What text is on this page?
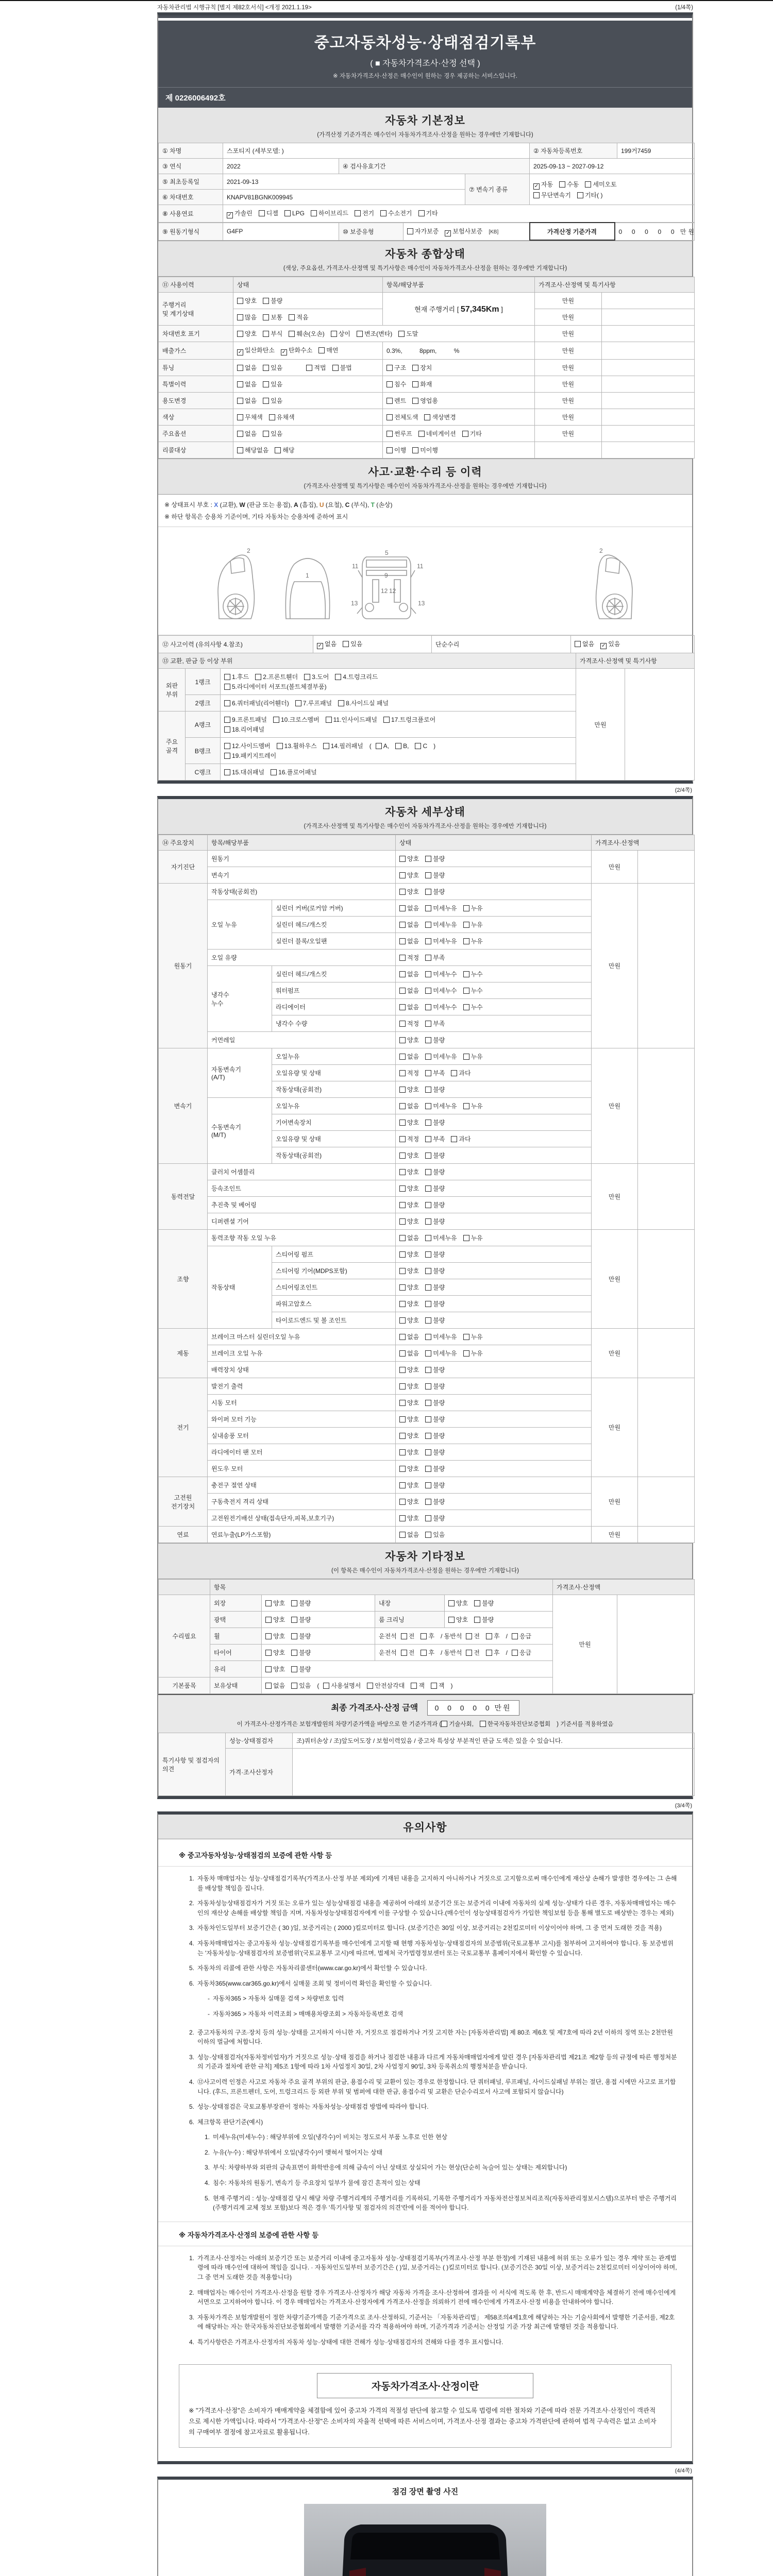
자동차관리법 시행규칙 [별지 제82호서식] <개정 2021.1.19>	(1/4쪽)
중고자동차성능·상태점검기록부
( ■ 자동차가격조사·산정 선택 )
※ 자동차가격조사·산정은 매수인이 원하는 경우 제공하는 서비스입니다.
제 0226006492호
자동차 기본정보
(가격산정 기준가격은 매수인이 자동차가격조사·산정을 원하는 경우에만 기재합니다)
① 차명	스포티지 (세부모델: )	② 자동차등록번호	199거7459
③ 연식	2022	④ 검사유효기간	2025-09-13 ~ 2027-09-12
⑤ 최초등록일	2021-09-13	⑦ 변속기 종류	✓ 자동 수동 세미오토
무단변속기 기타( )
⑥ 차대번호	KNAPV81BGNK009945		
⑧ 사용연료	✓ 가솔린 디젤 LPG 하이브리드 전기 수소전기 기타
⑨ 원동기형식	G4FP	⑩ 보증유형	자가보증 ✓ 보험사보증 [KB]	가격산정 기준가격	0  0  0  0  0 만원
자동차 종합상태
(색상, 주요옵션, 가격조사·산정액 및 특기사항은 매수인이 자동차가격조사·산정을 원하는 경우에만 기재합니다)
⑪ 사용이력	상태	항목/해당부품	가격조사·산정액 및 특기사항	
주행거리
및 계기상태	양호 불량	현재 주행거리 [ 57,345Km ]	만원	
	많음 보통 적음		만원	
차대번호 표기	양호 부식 훼손(오손) 상이 변조(변타) 도말		만원	
배출가스	✓ 일산화탄소 ✓ 탄화수소 매연	0.3%,          8ppm,          %	만원	
튜닝	없음 있음 적법 불법	구조 장치	만원	
특별이력	없음 있음	침수 화재	만원	
용도변경	없음 있음	렌트 영업용	만원	
색상	무채색 유채색	전체도색 색상변경	만원	
주요옵션	없음 있음	썬루프 네비게이션 기타	만원	
리콜대상	해당없음 해당	이행 미이행		
사고·교환·수리 등 이력
(가격조사·산정액 및 특기사항은 매수인이 자동차가격조사·산정을 원하는 경우에만 기재합니다)
※ 상태표시 부호 : X (교환), W (판금 또는 용접), A (흠집), U (요철), C (부식), T (손상)
※ 하단 항목은 승용차 기준이며, 기타 자동차는 승용차에 준하여 표시
2
1
5
9
11	11
12 12
13	13
2
⑫ 사고이력 (유의사항 4.참조)	✓ 없음 있음	단순수리	없음 ✓ 있음
⑬ 교환, 판금 등 이상 부위	가격조사·산정액 및 특기사항
외판
부위	1랭크	1.후드 2.프론트휀더 3.도어 4.트렁크리드
5.라디에이터 서포트(볼트체결부품)	만원	
	2랭크	6.쿼터패널(리어휀더) 7.루프패널 8.사이드실 패널		
주요
골격	A랭크	9.프론트패널 10.크로스멤버 11.인사이드패널 17.트렁크플로어
18.리어패널		
	B랭크	12.사이드멤버 13.휠하우스 14.필러패널 ( A, B, C )
19.패키지트레이		
	C랭크	15.대쉬패널 16.플로어패널		
(2/4쪽)
자동차 세부상태
(가격조사·산정액 및 특기사항은 매수인이 자동차가격조사·산정을 원하는 경우에만 기재합니다)
⑭ 주요장치	항목/해당부품		상태	가격조사·산정액	
자기진단	원동기		양호 불량	만원	
	변속기		양호 불량		
원동기	작동상태(공회전)		양호 불량	만원	
	오일 누유	실린더 커버(로커암 커버)	없음 미세누유 누유		
		실린더 헤드/개스킷	없음 미세누유 누유		
		실린더 블록/오일팬	없음 미세누유 누유		
	오일 유량		적정 부족		
	냉각수
누수	실린더 헤드/개스킷	없음 미세누수 누수		
		워터펌프	없음 미세누수 누수		
		라디에이터	없음 미세누수 누수		
		냉각수 수량	적정 부족		
	커먼레일		양호 불량		
변속기	자동변속기
(A/T)	오일누유	없음 미세누유 누유	만원	
		오일유량 및 상태	적정 부족 과다		
		작동상태(공회전)	양호 불량		
	수동변속기
(M/T)	오일누유	없음 미세누유 누유		
		기어변속장치	양호 불량		
		오일유량 및 상태	적정 부족 과다		
		작동상태(공회전)	양호 불량		
동력전달	클러치 어셈블리		양호 불량	만원	
	등속조인트		양호 불량		
	추진축 및 베어링		양호 불량		
	디퍼렌셜 기어		양호 불량		
조향	동력조향 작동 오일 누유		없음 미세누유 누유	만원	
	작동상태	스티어링 펌프	양호 불량		
		스티어링 기어(MDPS포함)	양호 불량		
		스티어링조인트	양호 불량		
		파워고압호스	양호 불량		
		타이로드엔드 및 볼 조인트	양호 불량		
제동	브레이크 마스터 실린더오일 누유		없음 미세누유 누유	만원	
	브레이크 오일 누유		없음 미세누유 누유		
	배력장치 상태		양호 불량		
전기	발전기 출력		양호 불량	만원	
	시동 모터		양호 불량		
	와이퍼 모터 기능		양호 불량		
	실내송풍 모터		양호 불량		
	라디에이터 팬 모터		양호 불량		
	윈도우 모터		양호 불량		
고전원
전기장치	충전구 절연 상태		양호 불량	만원	
	구동축전지 격리 상태		양호 불량		
	고전원전기배선 상태(접속단자,피복,보호기구)		양호 불량		
연료	연료누출(LP가스포함)		없음 있음	만원	
자동차 기타정보
(이 항목은 매수인이 자동차가격조사·산정을 원하는 경우에만 기재합니다)
	항목				가격조사·산정액	
수리필요	외장	양호 불량	내장	양호 불량	만원	
	광택	양호 불량	룸 크리닝	양호 불량		
	휠	양호 불량	운전석 전 후 / 동반석 전 후 / 응급			
	타이어	양호 불량	운전석 전 후 / 동반석 전 후 / 응급			
	유리	양호 불량				
기본품목	보유상태	없음 있음 ( 사용설명서 안전삼각대 잭 잭 )				
최종 가격조사·산정 금액 0  0  0  0  0 만원
이 가격조사·산정가격은 보험개발원의 차량기준가액을 바탕으로 한 기준가격과 ( 기술사회, 한국자동차진단보증협회 ) 기준서를 적용하였음
특기사항 및 점검자의 의견	성능·상태점검자	조)쿼터손상 / 조)앞도어도장 / 보험이력있음 / 중고차 특성상 부분적인 판금 도색은 있을 수 있습니다.
	가격·조사산정자	
(3/4쪽)
유의사항
※ 중고자동차성능·상태점검의 보증에 관한 사항 등
1. 자동차 매매업자는 성능·상태점검기록부(가격조사·산정 부분 제외)에 기재된 내용을 고지하지 아니하거나 거짓으로 고지함으로써 매수인에게 재산상 손해가 발생한 경우에는 그 손해를 배상할 책임을 집니다.
2. 자동차성능상태점검자가 거짓 또는 오류가 있는 성능상태점검 내용을 제공하여 아래의 보증기간 또는 보증거리 이내에 자동차의 실제 성능·상태가 다른 경우, 자동차매매업자는 매수인의 재산상 손해를 배상할 책임을 지며, 자동차성능상태점검자에게 이를 구상할 수 있습니다.(매수인이 성능상태점검자가 가입한 책임보험 등을 통해 별도로 배상받는 경우는 제외)
3. 자동차인도일부터 보증기간은 ( 30 )일, 보증거리는 ( 2000 )킬로미터로 합니다. (보증기간은 30일 이상, 보증거리는 2천킬로미터 이상이어야 하며, 그 중 먼저 도래한 것을 적용)
4. 자동차매매업자는 중고자동차 성능·상태점검기록부를 매수인에게 고지할 때 현행 자동차성능·상태점검자의 보증범위(국토교통부 고시)를 첨부하여 고지하여야 합니다. 동 보증범위는 '자동차성능·상태점검자의 보증범위'(국토교통부 고시)에 따르며, 법제처 국가법령정보센터 또는 국토교통부 홈페이지에서 확인할 수 있습니다.
5. 자동차의 리콜에 관한 사항은 자동차리콜센터(www.car.go.kr)에서 확인할 수 있습니다.
6. 자동차365(www.car365.go.kr)에서 실매물 조회 및 정비이력 확인을 확인할 수 있습니다.
- 자동차365 > 자동차 실매물 검색 > 차량번호 입력
- 자동차365 > 자동차 이력조회 > 매매용차량조회 > 자동차등록번호 검색
2. 중고자동차의 구조·장치 등의 성능·상태를 고지하지 아니한 자, 거짓으로 점검하거나 거짓 고지한 자는 [자동차관리법] 제 80조 제6호 및 제7호에 따라 2년 이하의 징역 또는 2천만원 이하의 벌금에 처합니다.
3. 성능·상태점검자(자동차정비업자)가 거짓으로 성능·상태 점검을 하거나 점검한 내용과 다르게 자동차매매업자에게 알린 경우 [자동차관리법 제21조 제2항 등의 규정에 따른 행정처분의 기준과 절차에 관한 규칙] 제5조 1항에 따라 1차 사업정지 30일, 2차 사업정지 90일, 3차 등록취소의 행정처분을 받습니다.
4. ⑫사고이력 인정은 사고로 자동차 주요 골격 부위의 판금, 용접수리 및 교환이 있는 경우로 한정합니다. 단 쿼터패널, 루프패널, 사이드실패널 부위는 절단, 용접 시에만 사고로 표기합니다. (후드, 프론트펜더, 도어, 트렁크리드 등 외판 부위 및 범퍼에 대한 판금, 용접수리 및 교환은 단순수리로서 사고에 포함되지 않습니다)
5. 성능·상태점검은 국토교통부장관이 정하는 자동차성능·상태점검 방법에 따라야 합니다.
6. 체크항목 판단기준(예시)
1. 미세누유(미세누수) : 해당부위에 오일(냉각수)이 비치는 정도로서 부품 노후로 인한 현상
2. 누유(누수) : 해당부위에서 오일(냉각수)이 맺혀서 떨어지는 상태
3. 부식: 차량하부와 외판의 금속표면이 화학반응에 의해 금속이 아닌 상태로 상실되어 가는 현상(단순히 녹슬어 있는 상태는 제외합니다)
4. 침수: 자동차의 원동기, 변속기 등 주요장치 일부가 물에 잠긴 흔적이 있는 상태
5. 현재 주행거리 : 성능·상태점검 당시 해당 차량 주행거리계의 주행거리를 기록하되, 기록한 주행거리가 자동차전산정보처리조직(자동차관리정보시스템)으로부터 받은 주행거리(주행거리계 교체 정보 포함)보다 적은 경우 '특기사항 및 점검자의 의견'란에 이를 적어야 합니다.
※ 자동차가격조사·산정의 보증에 관한 사항 등
1. 가격조사·산정자는 아래의 보증기간 또는 보증거리 이내에 중고자동차 성능·상태점검기록부(가격조사·산정 부분 한정)에 기재된 내용에 허위 또는 오류가 있는 경우 계약 또는 관계법령에 따라 매수인에 대하여 책임을 집니다. · 자동차인도일부터 보증기간은 ( )일, 보증거리는 ( )킬로미터로 합니다. (보증기간은 30일 이상, 보증거리는 2천킬로미터 이상이어야 하며, 그 중 먼저 도래한 것을 적용합니다)
2. 매매업자는 매수인이 가격조사·산정을 원할 경우 가격조사·산정자가 해당 자동차 가격을 조사·산정하여 결과를 이 서식에 적도록 한 후, 반드시 매매계약을 체결하기 전에 매수인에게 서면으로 고지하여야 합니다. 이 경우 매매업자는 가격조사·산정자에게 가격조사·산정을 의뢰하기 전에 매수인에게 가격조사·산정 비용을 안내하여야 합니다.
3. 자동차가격은 보험개발원이 정한 차량기준가액을 기준가격으로 조사·산정하되, 기준서는 「자동차관리법」 제58조의4제1호에 해당하는 자는 기술사회에서 발행한 기준서를, 제2호에 해당하는 자는 한국자동차진단보증협회에서 발행한 기준서를 각각 적용하여야 하며, 기준가격과 기준서는 산정일 기준 가장 최근에 발행된 것을 적용합니다.
4. 특기사항란은 가격조사·산정자의 자동차 성능·상태에 대한 견해가 성능·상태점검자의 견해와 다를 경우 표시합니다.
자동차가격조사·산정이란
※ "가격조사·산정"은 소비자가 매매계약을 체결함에 있어 중고차 가격의 적절성 판단에 참고할 수 있도록 법령에 의한 절차와 기준에 따라 전문 가격조사·산정인이 객관적으로 제시한 가액입니다. 따라서 "가격조사·산정"은 소비자의 자율적 선택에 따른 서비스이며, 가격조사·산정 결과는 중고차 가격판단에 관하여 법적 구속력은 없고 소비자의 구매여부 결정에 참고자료로 활용됩니다.
(4/4쪽)
점검 장면 촬영 사진
